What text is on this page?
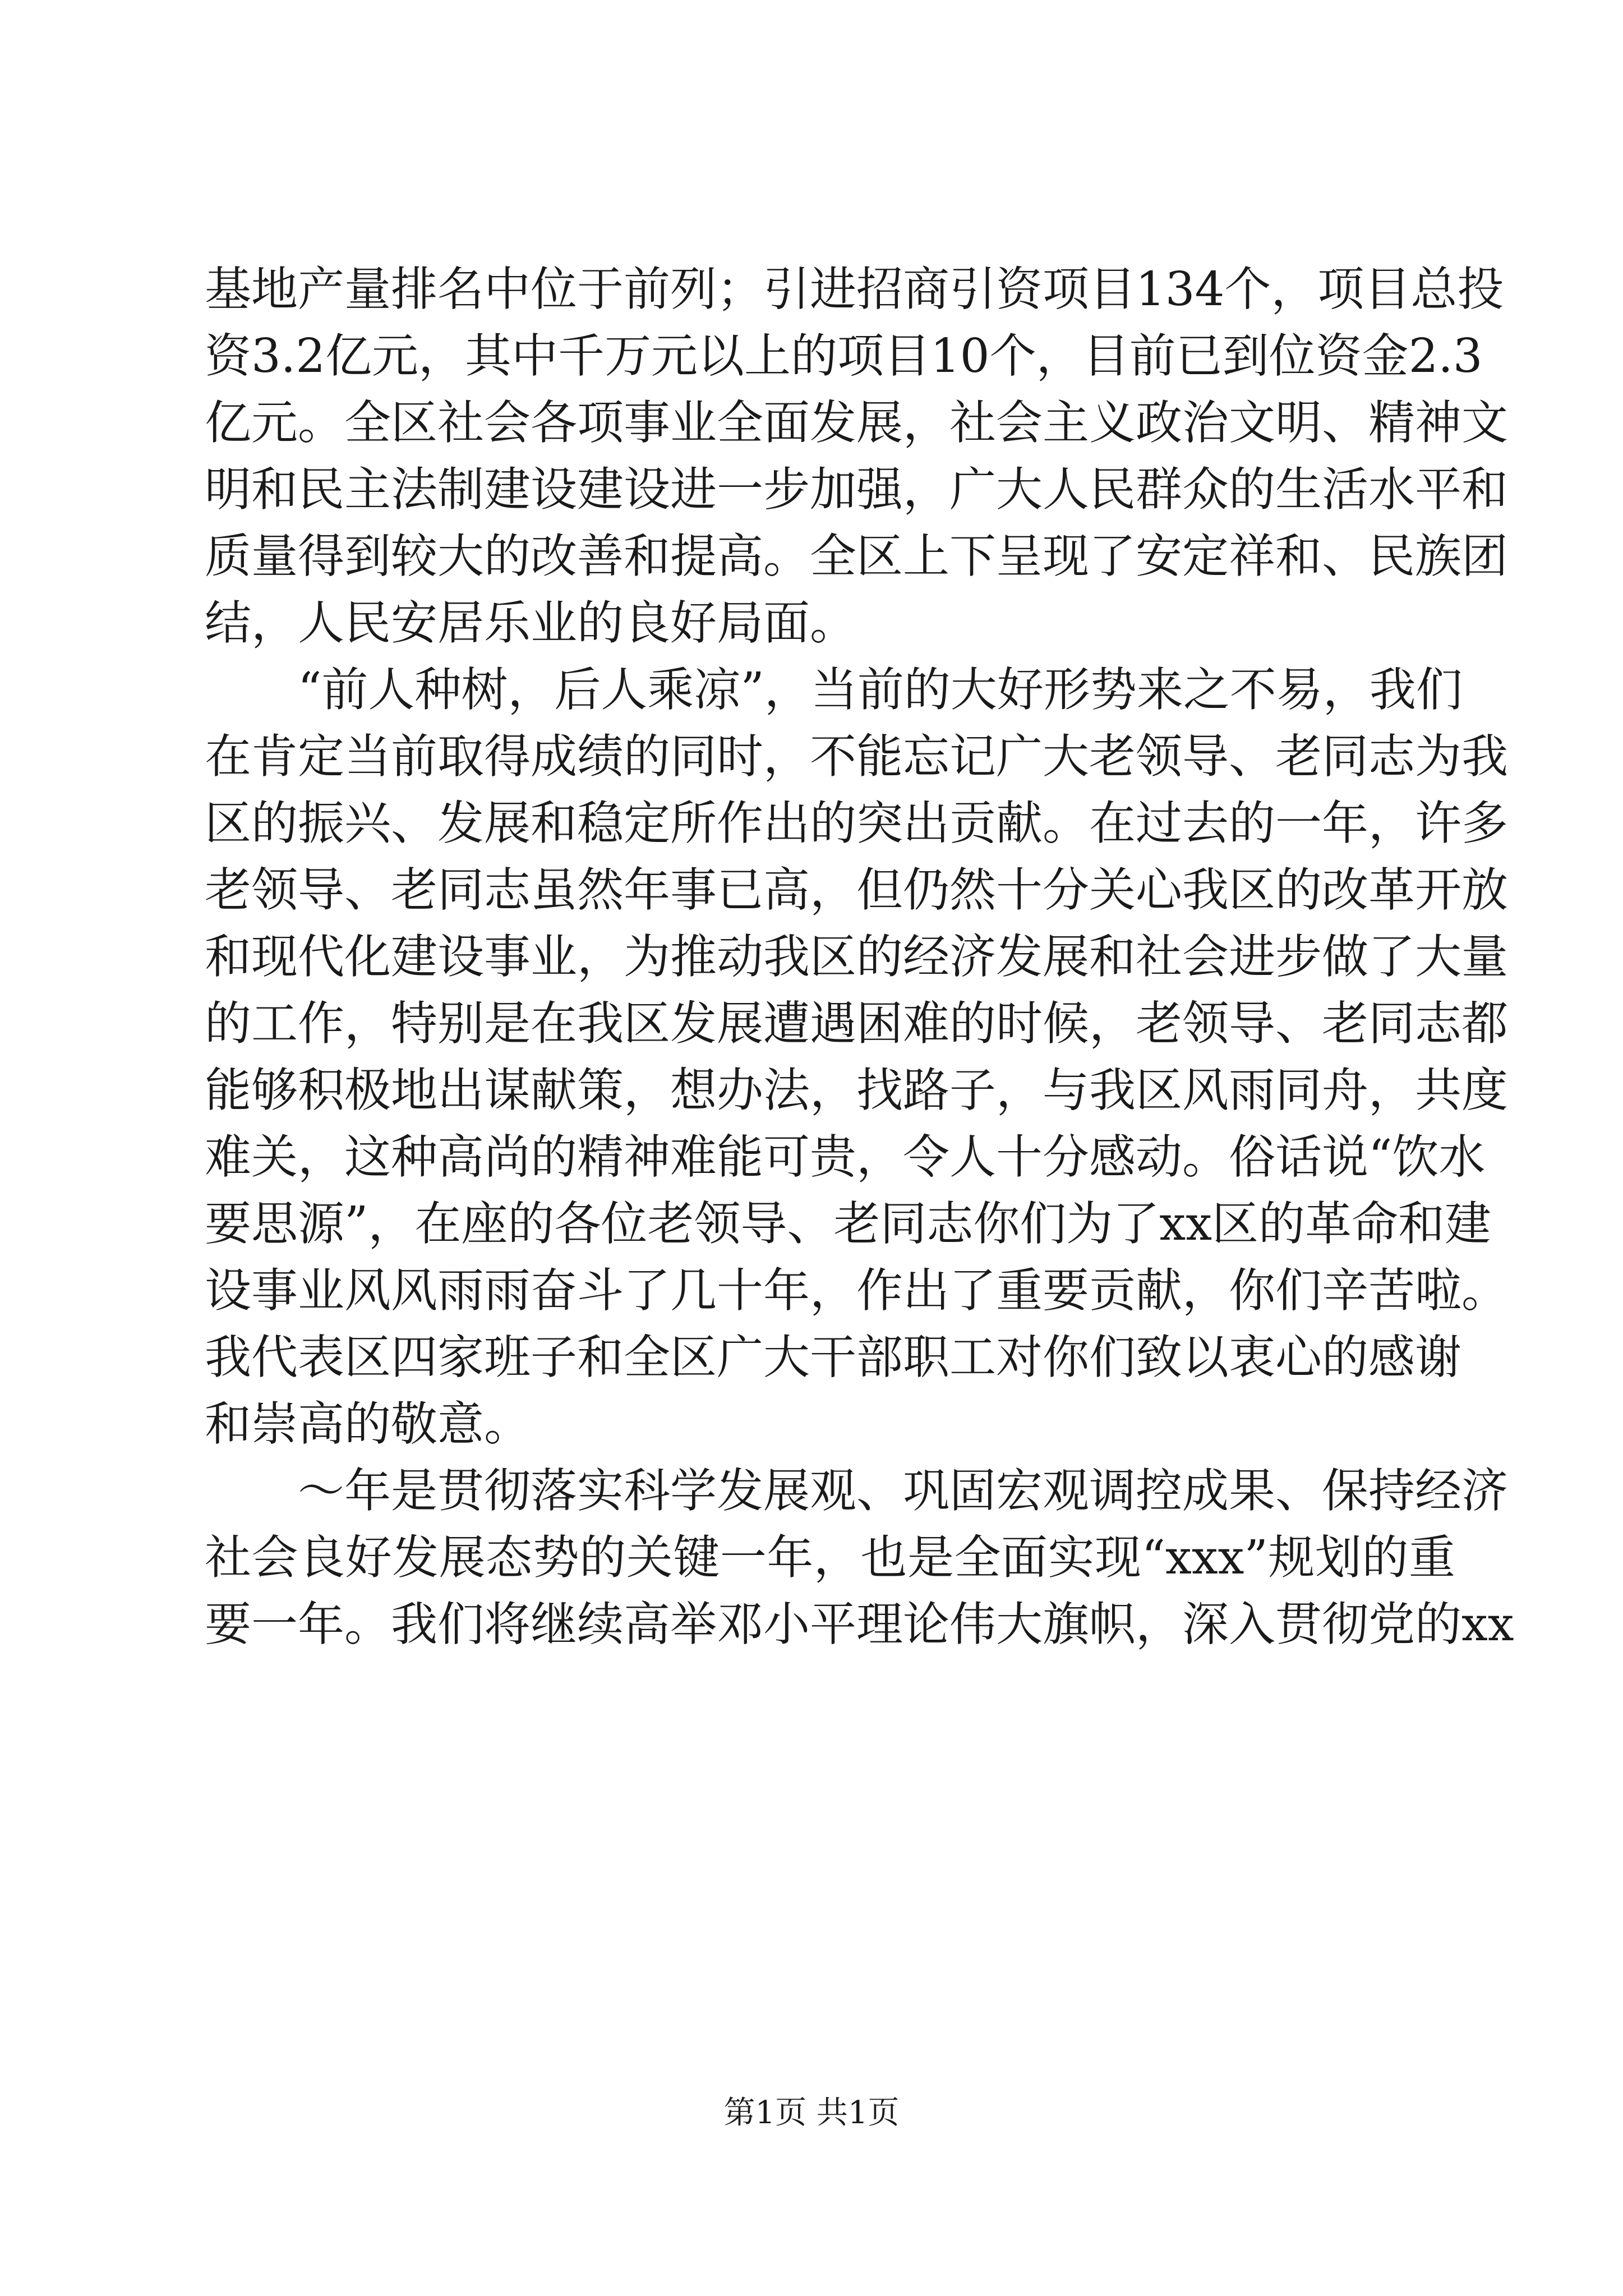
基地产量排名中位于前列；引进招商引资项目134个，项目总投
资3.2亿元，其中千万元以上的项目10个，目前已到位资金2.3
亿元。全区社会各项事业全面发展，社会主义政治文明、精神文
明和民主法制建设建设进一步加强，广大人民群众的生活水平和
质量得到较大的改善和提高。全区上下呈现了安定祥和、民族团
结，人民安居乐业的良好局面。
“前人种树，后人乘凉”，当前的大好形势来之不易，我们
在肯定当前取得成绩的同时，不能忘记广大老领导、老同志为我
区的振兴、发展和稳定所作出的突出贡献。在过去的一年，许多
老领导、老同志虽然年事已高，但仍然十分关心我区的改革开放
和现代化建设事业，为推动我区的经济发展和社会进步做了大量
的工作，特别是在我区发展遭遇困难的时候，老领导、老同志都
能够积极地出谋献策，想办法，找路子，与我区风雨同舟，共度
难关，这种高尚的精神难能可贵，令人十分感动。俗话说“饮水
要思源”，在座的各位老领导、老同志你们为了xx区的革命和建
设事业风风雨雨奋斗了几十年，作出了重要贡献，你们辛苦啦。
我代表区四家班子和全区广大干部职工对你们致以衷心的感谢
和崇高的敬意。
～年是贯彻落实科学发展观、巩固宏观调控成果、保持经济
社会良好发展态势的关键一年，也是全面实现“xxx”规划的重
要一年。我们将继续高举邓小平理论伟大旗帜，深入贯彻党的xx
第1页 共1页
